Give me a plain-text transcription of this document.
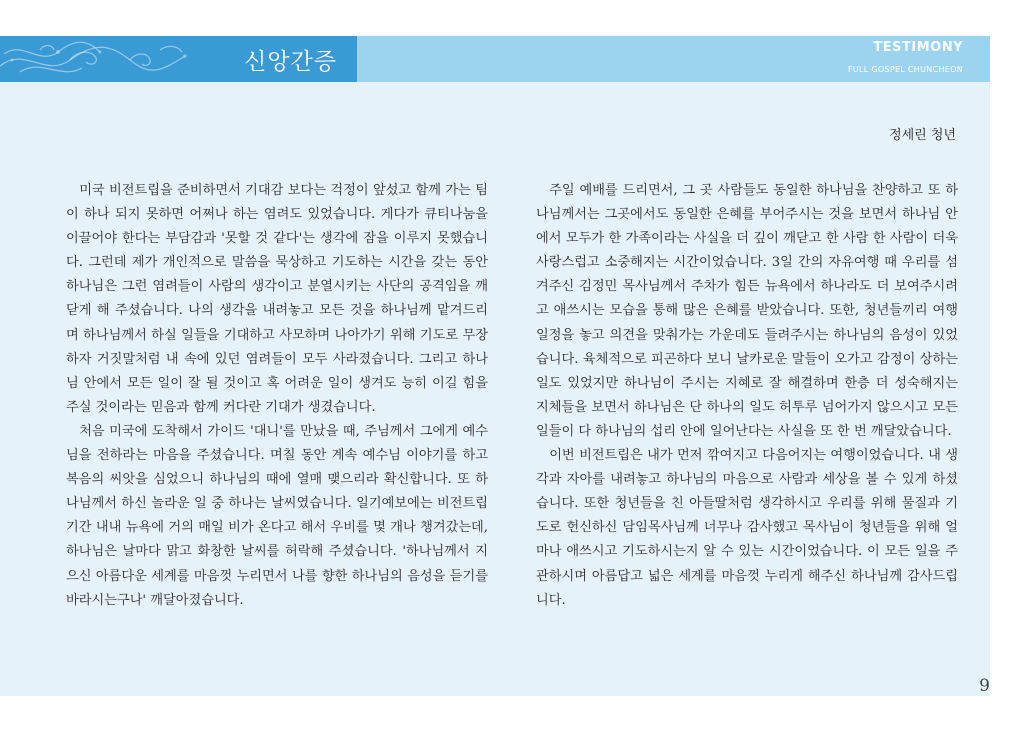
신앙간증
TESTIMONY
FULL GOSPEL CHUNCHEON
정세린 청년

미국 비전트립을 준비하면서 기대감 보다는 걱정이 앞섰고 함께 가는 팀이 하나 되지 못하면 어쩌나 하는 염려도 있었습니다. 게다가 큐티나눔을 이끌어야 한다는 부담감과 '못할 것 같다'는 생각에 잠을 이루지 못했습니다. 그런데 제가 개인적으로 말씀을 묵상하고 기도하는 시간을 갖는 동안 하나님은 그런 염려들이 사람의 생각이고 분열시키는 사단의 공격임을 깨닫게 해 주셨습니다. 나의 생각을 내려놓고 모든 것을 하나님께 맡겨드리며 하나님께서 하실 일들을 기대하고 사모하며 나아가기 위해 기도로 무장하자 거짓말처럼 내 속에 있던 염려들이 모두 사라졌습니다. 그리고 하나님 안에서 모든 일이 잘 될 것이고 혹 어려운 일이 생겨도 능히 이길 힘을 주실 것이라는 믿음과 함께 커다란 기대가 생겼습니다.

처음 미국에 도착해서 가이드 '대니'를 만났을 때, 주님께서 그에게 예수님을 전하라는 마음을 주셨습니다. 며칠 동안 계속 예수님 이야기를 하고 복음의 씨앗을 심었으니 하나님의 때에 열매 맺으리라 확신합니다. 또 하나님께서 하신 놀라운 일 중 하나는 날씨였습니다. 일기예보에는 비전트립 기간 내내 뉴욕에 거의 매일 비가 온다고 해서 우비를 몇 개나 챙겨갔는데, 하나님은 날마다 맑고 화창한 날씨를 허락해 주셨습니다. '하나님께서 지으신 아름다운 세계를 마음껏 누리면서 나를 향한 하나님의 음성을 듣기를 바라시는구나' 깨달아졌습니다.

주일 예배를 드리면서, 그 곳 사람들도 동일한 하나님을 찬양하고 또 하나님께서는 그곳에서도 동일한 은혜를 부어주시는 것을 보면서 하나님 안에서 모두가 한 가족이라는 사실을 더 깊이 깨닫고 한 사람 한 사람이 더욱 사랑스럽고 소중해지는 시간이었습니다. 3일 간의 자유여행 때 우리를 섬겨주신 김정민 목사님께서 주차가 힘든 뉴욕에서 하나라도 더 보여주시려고 애쓰시는 모습을 통해 많은 은혜를 받았습니다. 또한, 청년들끼리 여행일정을 놓고 의견을 맞춰가는 가운데도 들려주시는 하나님의 음성이 있었습니다. 육체적으로 피곤하다 보니 날카로운 말들이 오가고 감정이 상하는 일도 있었지만 하나님이 주시는 지혜로 잘 해결하며 한층 더 성숙해지는 지체들을 보면서 하나님은 단 하나의 일도 허투루 넘어가지 않으시고 모든 일들이 다 하나님의 섭리 안에 일어난다는 사실을 또 한 번 깨달았습니다.

이번 비전트립은 내가 먼저 깎여지고 다음어지는 여행이었습니다. 내 생각과 자아를 내려놓고 하나님의 마음으로 사람과 세상을 볼 수 있게 하셨습니다. 또한 청년들을 친 아들딸처럼 생각하시고 우리를 위해 물질과 기도로 헌신하신 담임목사님께 너무나 감사했고 목사님이 청년들을 위해 얼마나 애쓰시고 기도하시는지 알 수 있는 시간이었습니다. 이 모든 일을 주관하시며 아름답고 넓은 세계를 마음껏 누리게 해주신 하나님께 감사드립니다.

9
